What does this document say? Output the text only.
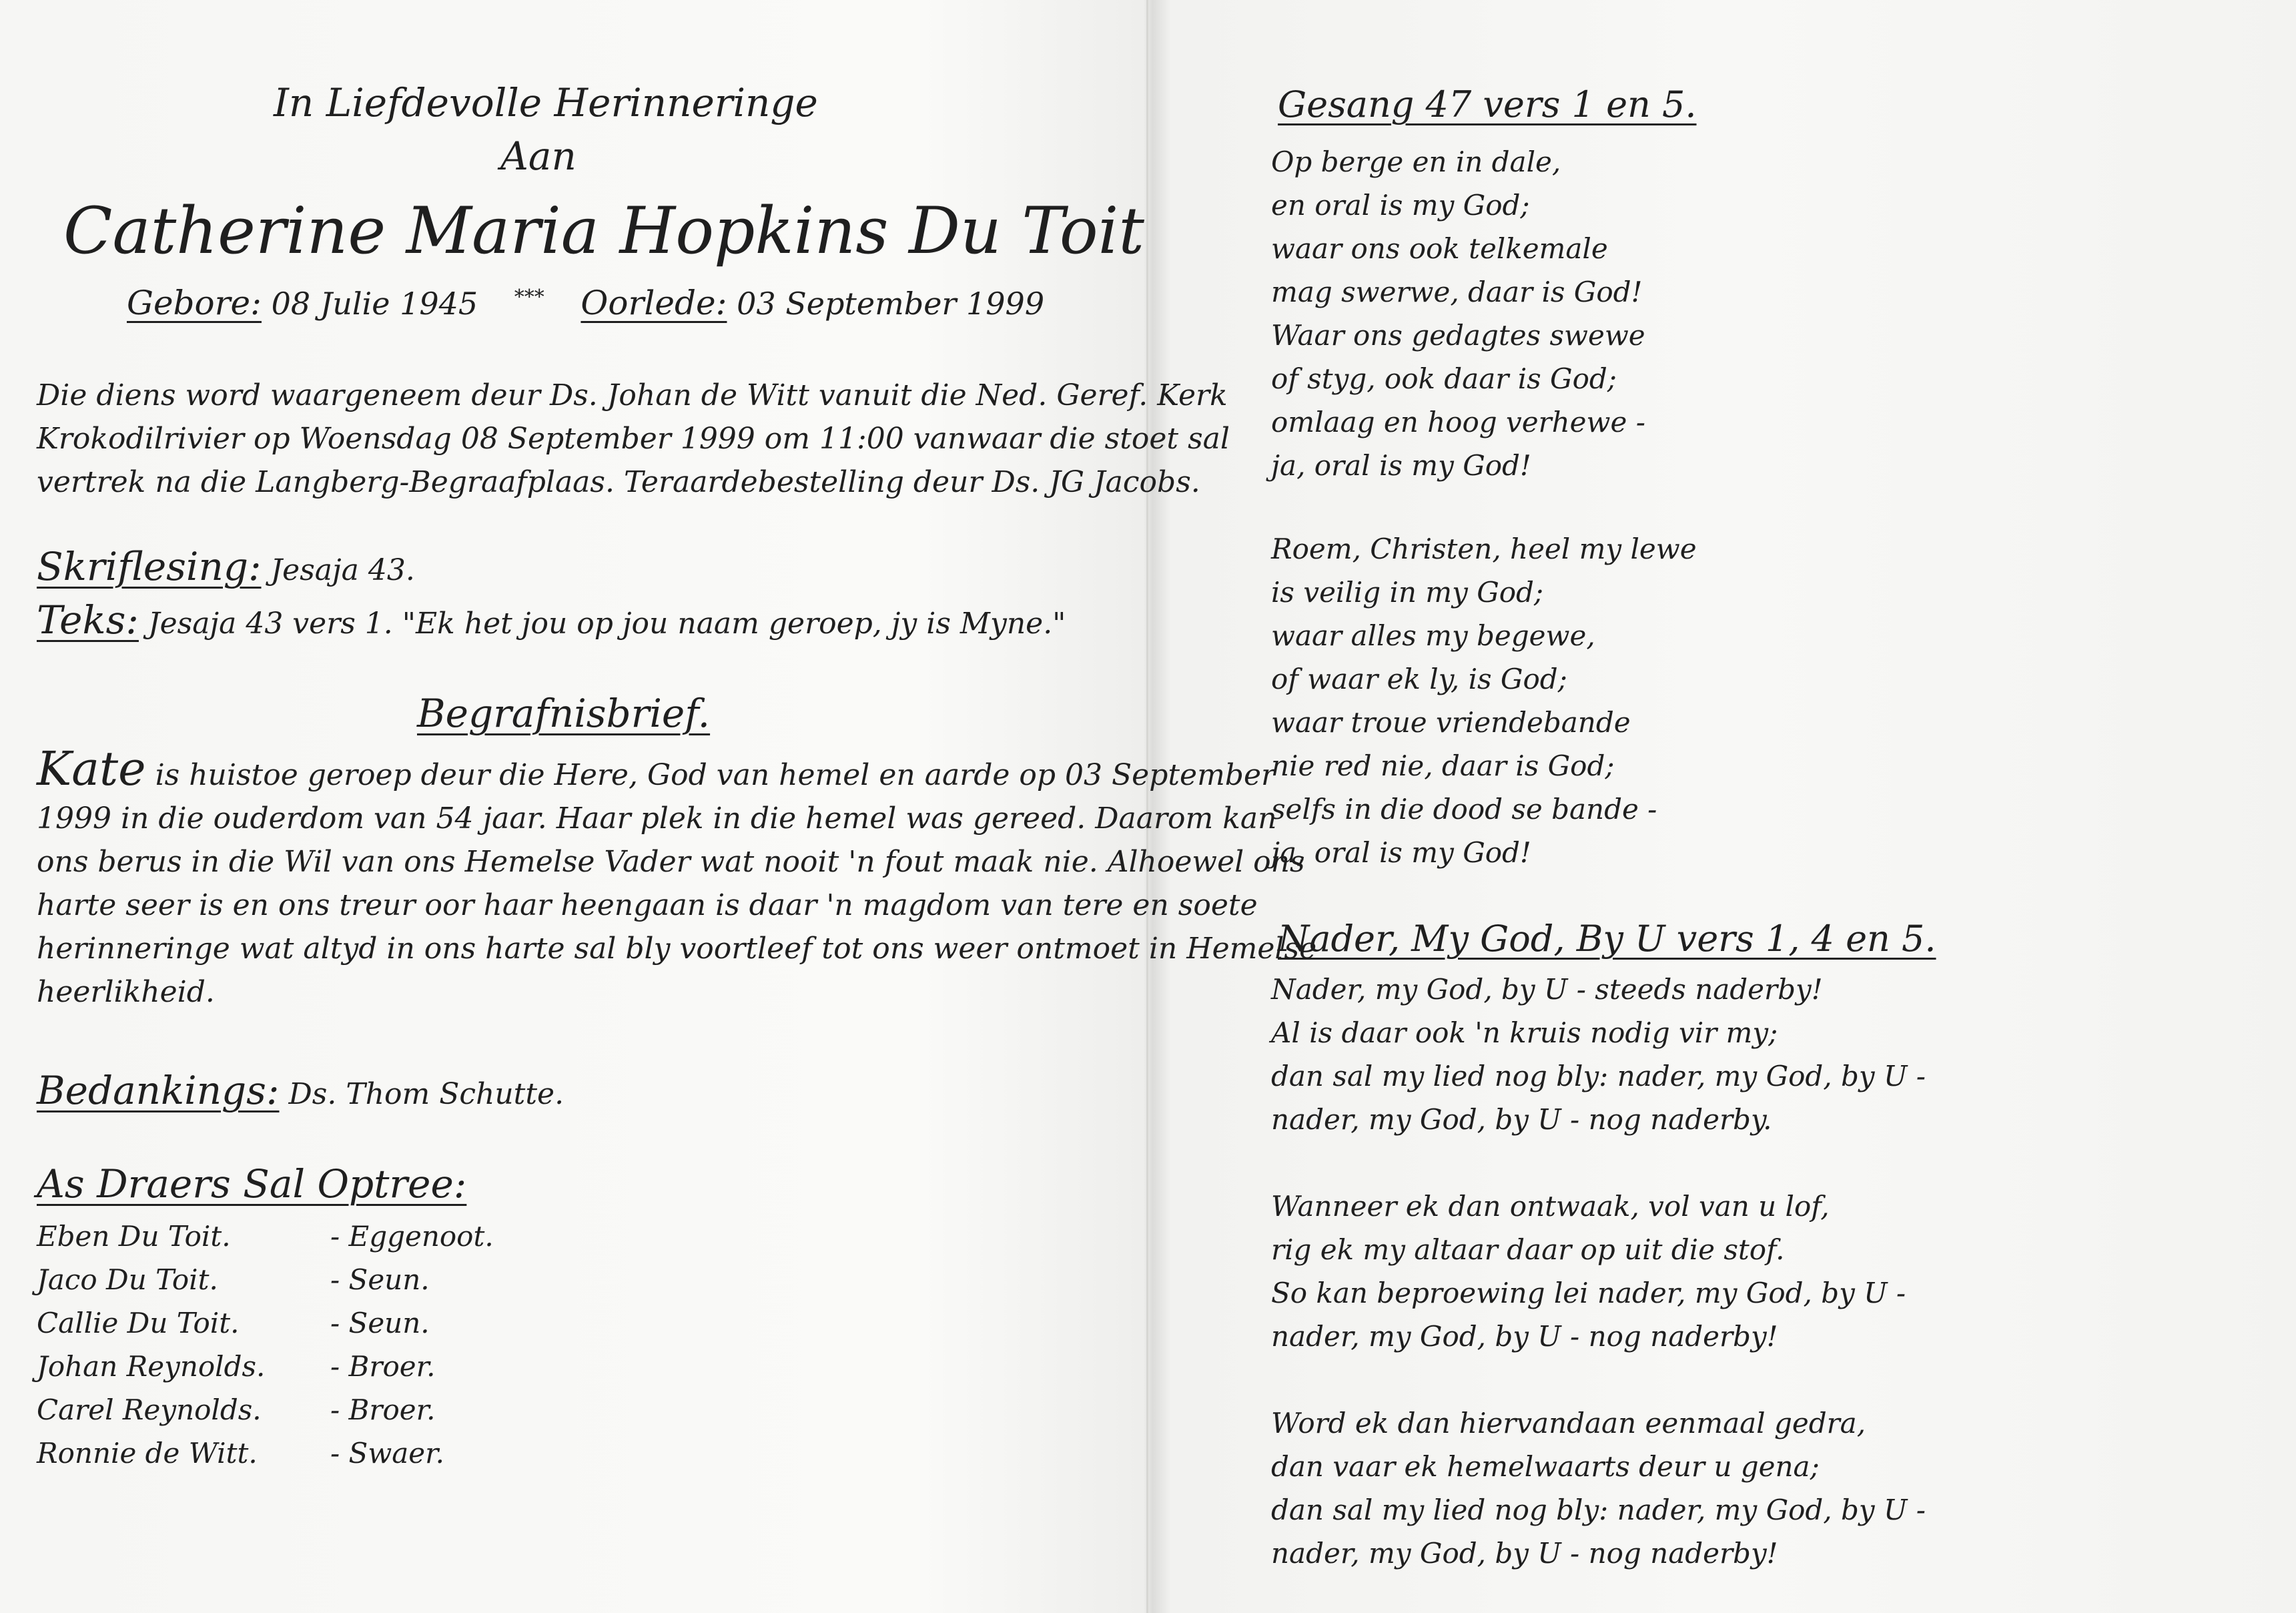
In Liefdevolle Herinneringe
Aan
Catherine Maria Hopkins Du Toit
Gebore: 08 Julie 1945 *** Oorlede: 03 September 1999
Die diens word waargeneem deur Ds. Johan de Witt vanuit die Ned. Geref. Kerk
Krokodilrivier op Woensdag 08 September 1999 om 11:00 vanwaar die stoet sal
vertrek na die Langberg-Begraafplaas. Teraardebestelling deur Ds. JG Jacobs.
Skriflesing: Jesaja 43.
Teks: Jesaja 43 vers 1. "Ek het jou op jou naam geroep, jy is Myne."
Begrafnisbrief.
Kate is huistoe geroep deur die Here, God van hemel en aarde op 03 September
1999 in die ouderdom van 54 jaar. Haar plek in die hemel was gereed. Daarom kan
ons berus in die Wil van ons Hemelse Vader wat nooit 'n fout maak nie. Alhoewel ons
harte seer is en ons treur oor haar heengaan is daar 'n magdom van tere en soete
herinneringe wat altyd in ons harte sal bly voortleef tot ons weer ontmoet in Hemelse
heerlikheid.
Bedankings: Ds. Thom Schutte.
As Draers Sal Optree:
Eben Du Toit.	- Eggenoot.
Jaco Du Toit.	- Seun.
Callie Du Toit.	- Seun.
Johan Reynolds.	- Broer.
Carel Reynolds.	- Broer.
Ronnie de Witt.	- Swaer.
Gesang 47 vers 1 en 5.
Op berge en in dale,
en oral is my God;
waar ons ook telkemale
mag swerwe, daar is God!
Waar ons gedagtes swewe
of styg, ook daar is God;
omlaag en hoog verhewe -
ja, oral is my God!
Roem, Christen, heel my lewe
is veilig in my God;
waar alles my begewe,
of waar ek ly, is God;
waar troue vriendebande
nie red nie, daar is God;
selfs in die dood se bande -
ja, oral is my God!
Nader, My God, By U vers 1, 4 en 5.
Nader, my God, by U - steeds naderby!
Al is daar ook 'n kruis nodig vir my;
dan sal my lied nog bly: nader, my God, by U -
nader, my God, by U - nog naderby.
Wanneer ek dan ontwaak, vol van u lof,
rig ek my altaar daar op uit die stof.
So kan beproewing lei nader, my God, by U -
nader, my God, by U - nog naderby!
Word ek dan hiervandaan eenmaal gedra,
dan vaar ek hemelwaarts deur u gena;
dan sal my lied nog bly: nader, my God, by U -
nader, my God, by U - nog naderby!
